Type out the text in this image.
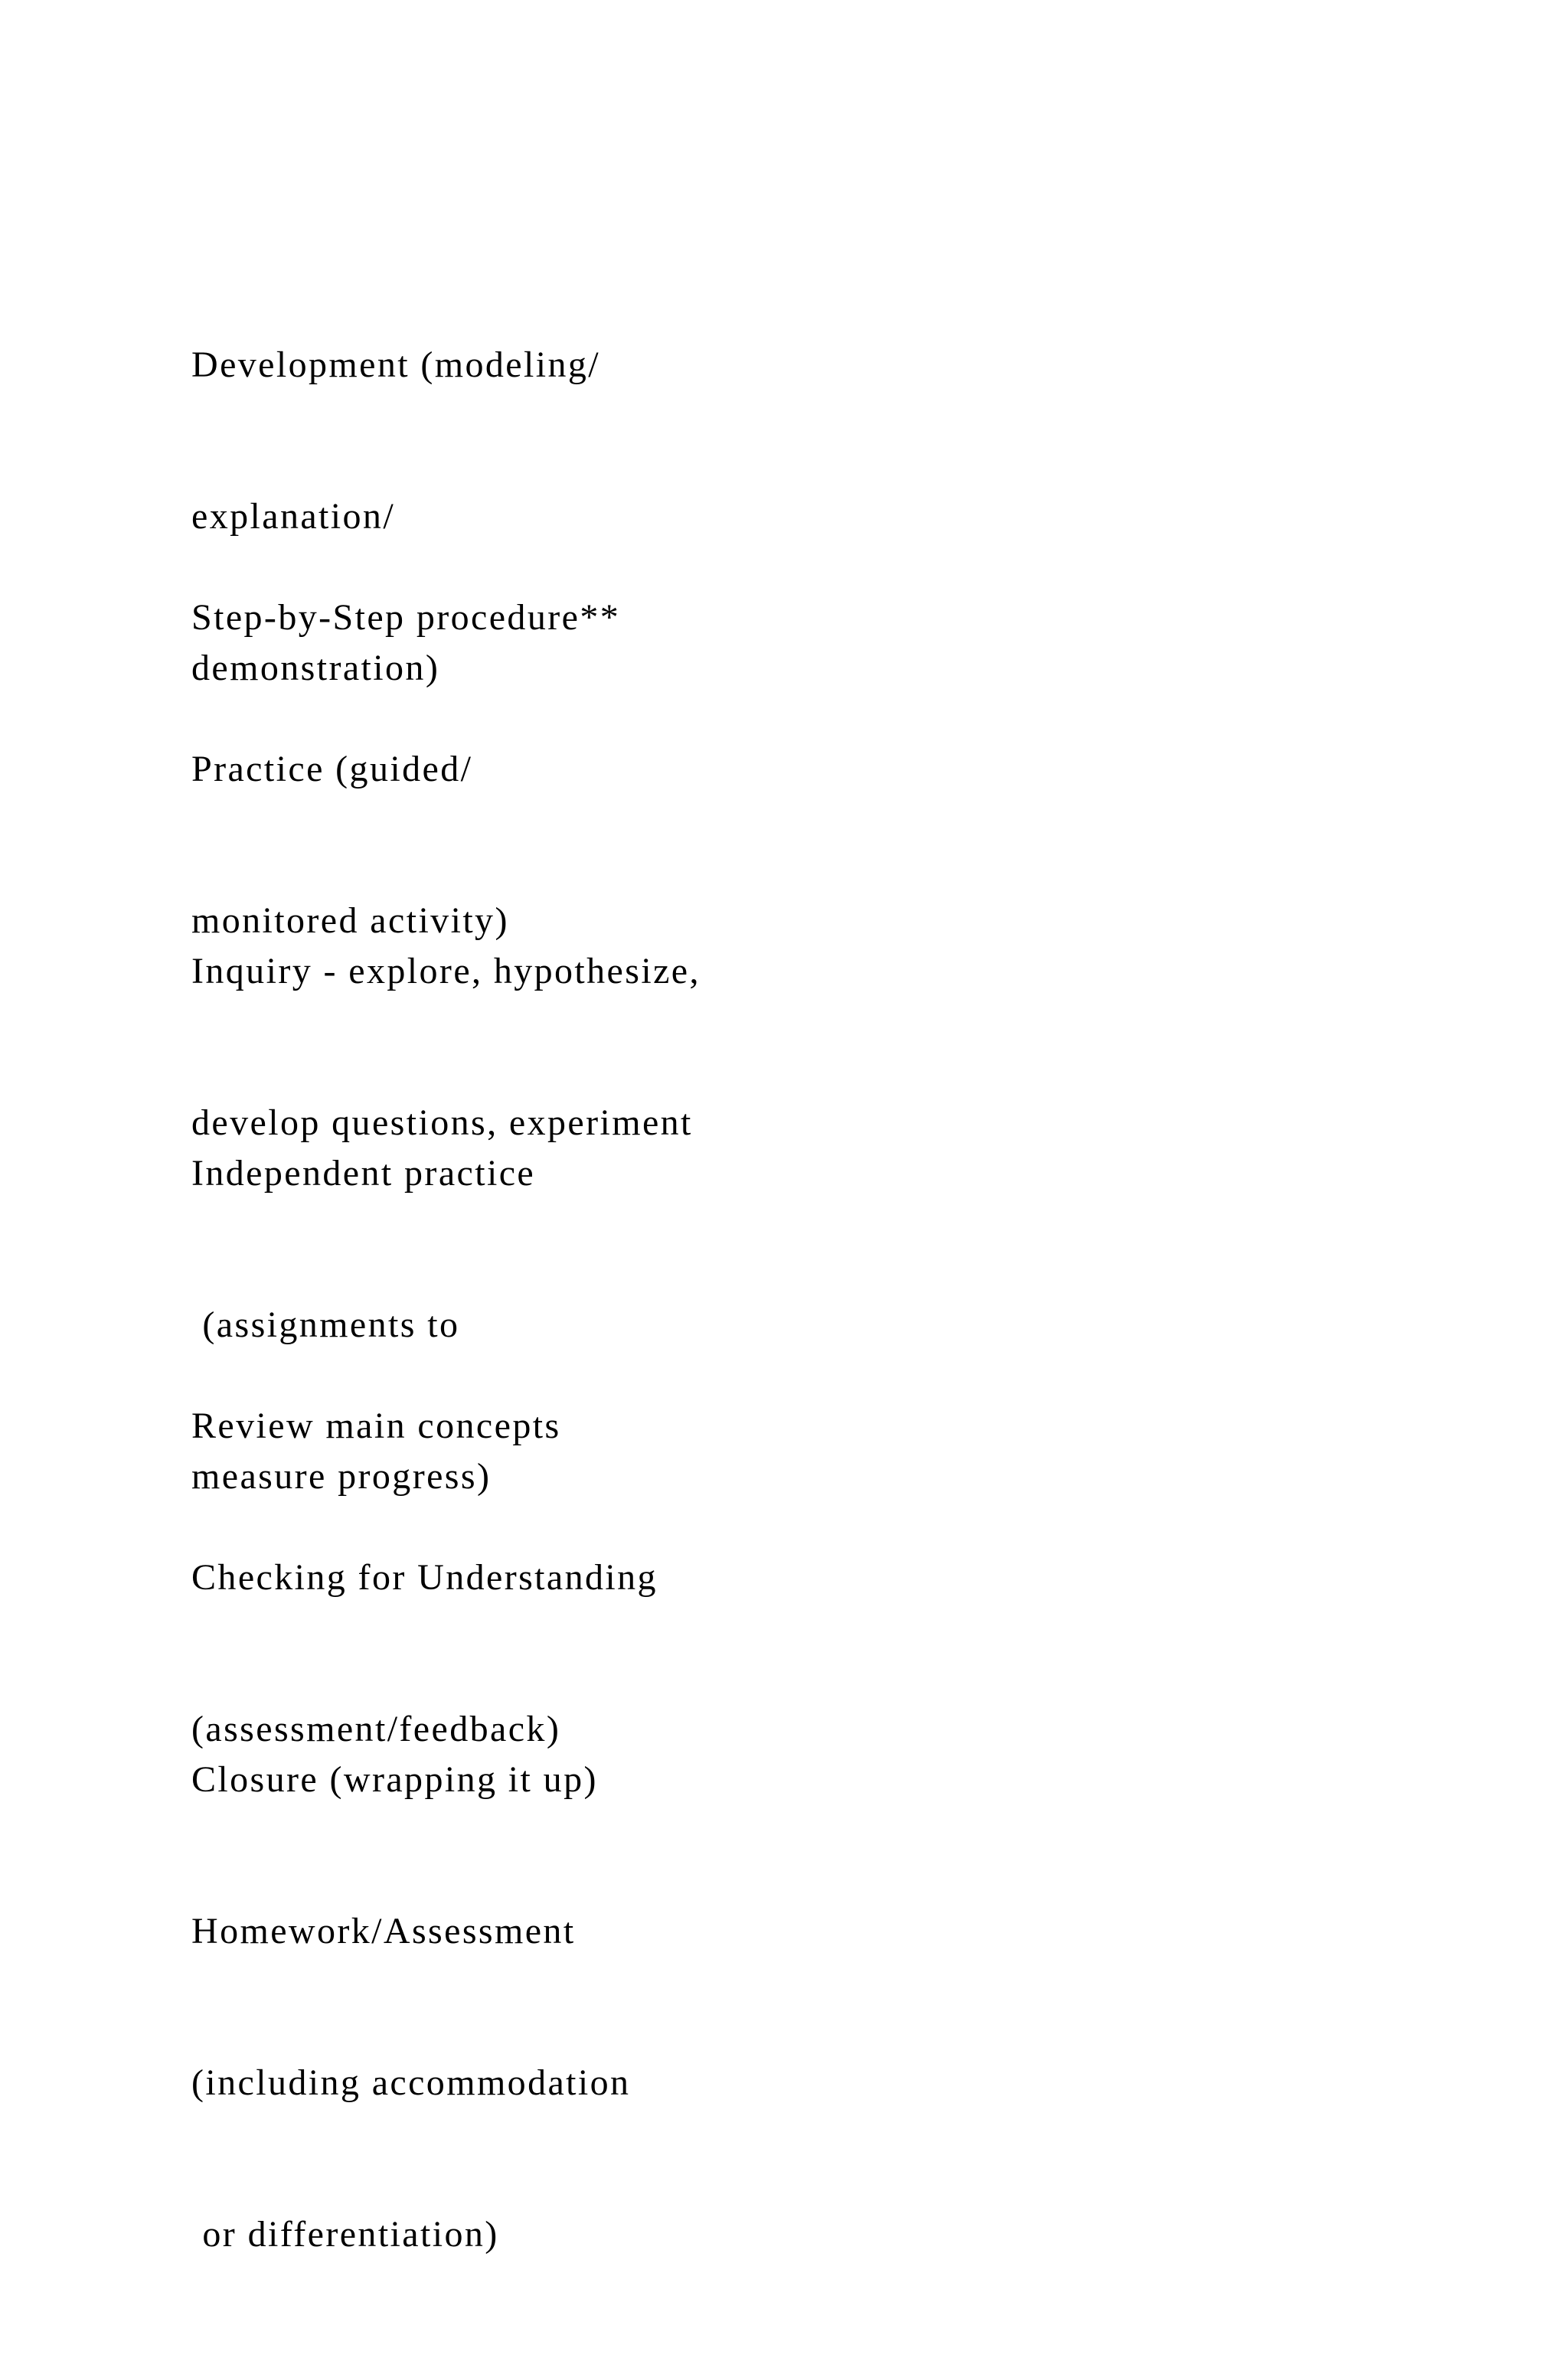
Development (modeling/

explanation/

demonstration)

Step-by-Step procedure**

Practice (guided/

monitored activity)

Inquiry - explore, hypothesize,

develop questions, experiment

Independent practice

(assignments to

measure progress)

Review main concepts

Checking for Understanding

(assessment/feedback)

Closure (wrapping it up)

Homework/Assessment

(including accommodation

or differentiation)
